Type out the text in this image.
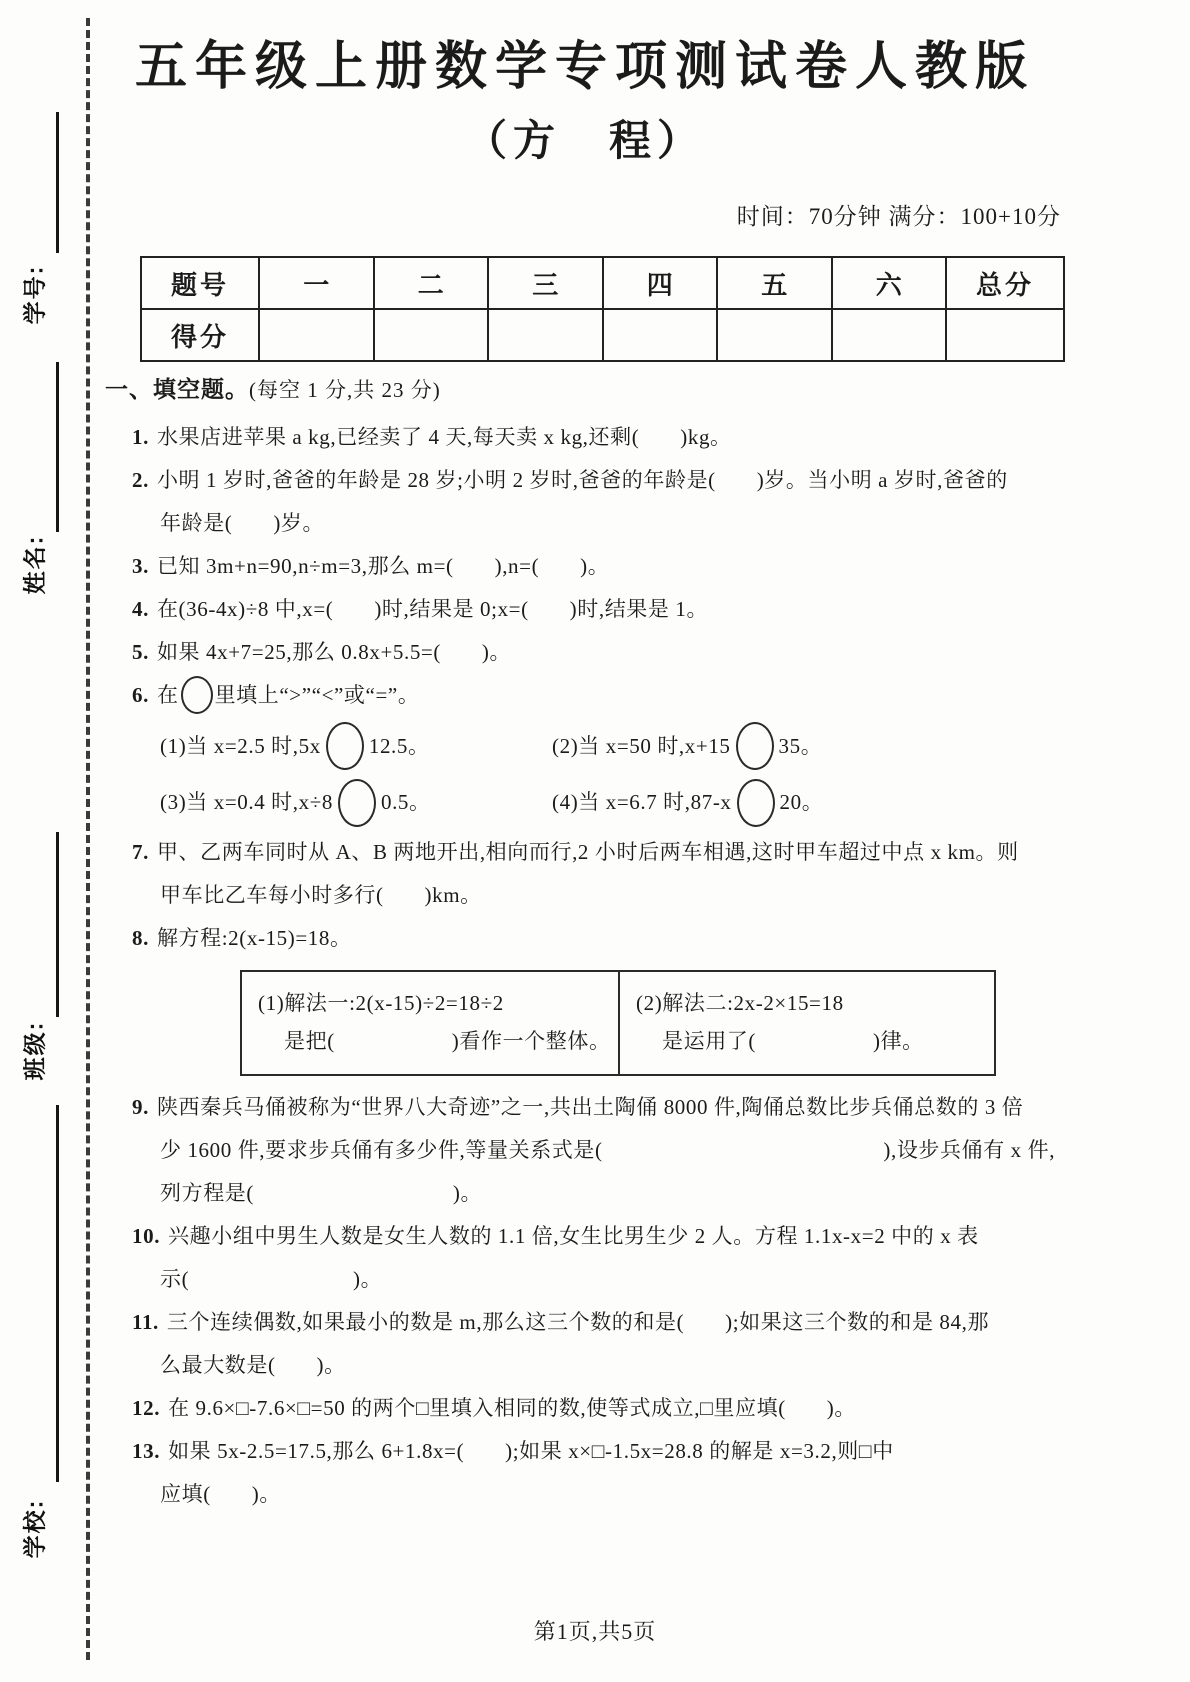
学号:
姓名:
班级:
学校:
五年级上册数学专项测试卷人教版
（方　程）
时间：70分钟 满分：100+10分
题号	一	二	三	四	五	六	总分
得分							
一、填空题。(每空 1 分,共 23 分)
1. 水果店进苹果 a kg,已经卖了 4 天,每天卖 x kg,还剩(       )kg。
2. 小明 1 岁时,爸爸的年龄是 28 岁;小明 2 岁时,爸爸的年龄是(       )岁。当小明 a 岁时,爸爸的
年龄是(       )岁。
3. 已知 3m+n=90,n÷m=3,那么 m=(       ),n=(       )。
4. 在(36-4x)÷8 中,x=(       )时,结果是 0;x=(       )时,结果是 1。
5. 如果 4x+7=25,那么 0.8x+5.5=(       )。
6. 在 里填上“>”“<”或“=”。
(1)当 x=2.5 时,5x 12.5。	(2)当 x=50 时,x+15 35。
(3)当 x=0.4 时,x÷8 0.5。	(4)当 x=6.7 时,87-x 20。
7. 甲、乙两车同时从 A、B 两地开出,相向而行,2 小时后两车相遇,这时甲车超过中点 x km。则
甲车比乙车每小时多行(       )km。
8. 解方程:2(x-15)=18。
(1)解法一:2(x-15)÷2=18÷2
是把(                    )看作一个整体。
(2)解法二:2x-2×15=18
是运用了(                    )律。
9. 陕西秦兵马俑被称为“世界八大奇迹”之一,共出土陶俑 8000 件,陶俑总数比步兵俑总数的 3 倍
少 1600 件,要求步兵俑有多少件,等量关系式是(                                                ),设步兵俑有 x 件,
列方程是(                                  )。
10. 兴趣小组中男生人数是女生人数的 1.1 倍,女生比男生少 2 人。方程 1.1x-x=2 中的 x 表
示(                            )。
11. 三个连续偶数,如果最小的数是 m,那么这三个数的和是(       );如果这三个数的和是 84,那
么最大数是(       )。
12. 在 9.6×□-7.6×□=50 的两个□里填入相同的数,使等式成立,□里应填(       )。
13. 如果 5x-2.5=17.5,那么 6+1.8x=(       );如果 x×□-1.5x=28.8 的解是 x=3.2,则□中
应填(       )。
第1页,共5页
